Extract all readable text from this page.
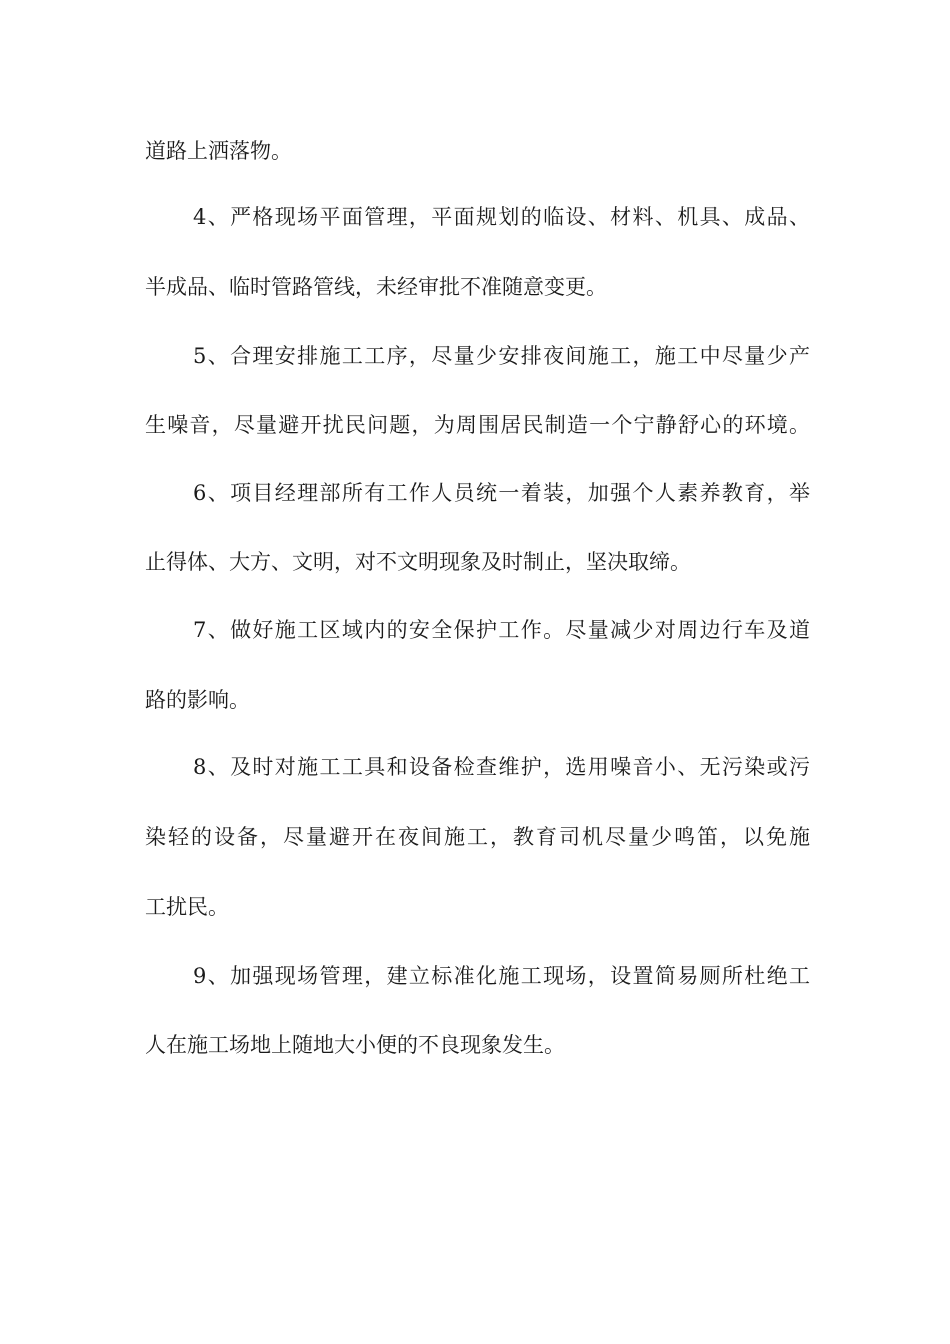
道路上洒落物。

4、严格现场平面管理，平面规划的临设、材料、机具、成品、

半成品、临时管路管线，未经审批不准随意变更。

5、合理安排施工工序，尽量少安排夜间施工，施工中尽量少产

生噪音，尽量避开扰民问题，为周围居民制造一个宁静舒心的环境。

6、项目经理部所有工作人员统一着装，加强个人素养教育，举

止得体、大方、文明，对不文明现象及时制止，坚决取缔。

7、做好施工区域内的安全保护工作。尽量减少对周边行车及道

路的影响。

8、及时对施工工具和设备检查维护，选用噪音小、无污染或污

染轻的设备，尽量避开在夜间施工，教育司机尽量少鸣笛，以免施

工扰民。

9、加强现场管理，建立标准化施工现场，设置简易厕所杜绝工

人在施工场地上随地大小便的不良现象发生。
